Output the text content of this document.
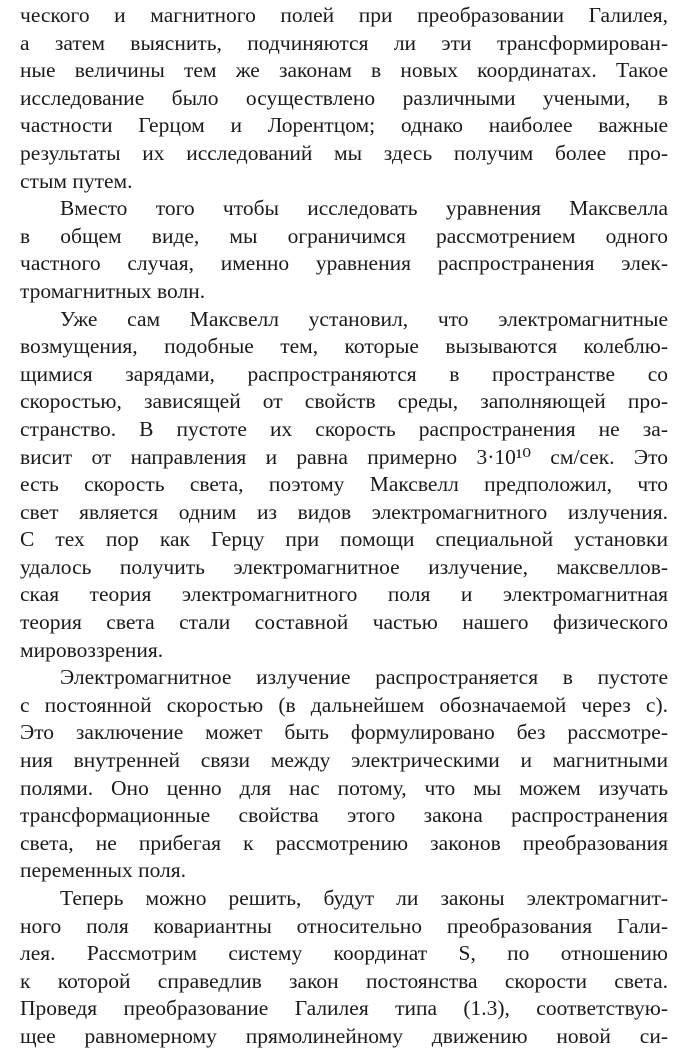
ческого и магнитного полей при преобразовании Галилея,
а затем выяснить, подчиняются ли эти трансформирован-
ные величины тем же законам в новых координатах. Такое
исследование было осуществлено различными учеными, в
частности Герцом и Лорентцом; однако наиболее важные
результаты их исследований мы здесь получим более про-
стым путем.
Вместо того чтобы исследовать уравнения Максвелла
в общем виде, мы ограничимся рассмотрением одного
частного случая, именно уравнения распространения элек-
тромагнитных волн.
Уже сам Максвелл установил, что электромагнитные
возмущения, подобные тем, которые вызываются колеблю-
щимися зарядами, распространяются в пространстве со
скоростью, зависящей от свойств среды, заполняющей про-
странство. В пустоте их скорость распространения не за-
висит от направления и равна примерно 3·10¹⁰ см/сек. Это
есть скорость света, поэтому Максвелл предположил, что
свет является одним из видов электромагнитного излучения.
С тех пор как Герцу при помощи специальной установки
удалось получить электромагнитное излучение, максвеллов-
ская теория электромагнитного поля и электромагнитная
теория света стали составной частью нашего физического
мировоззрения.
Электромагнитное излучение распространяется в пустоте
с постоянной скоростью (в дальнейшем обозначаемой через c).
Это заключение может быть формулировано без рассмотре-
ния внутренней связи между электрическими и магнитными
полями. Оно ценно для нас потому, что мы можем изучать
трансформационные свойства этого закона распространения
света, не прибегая к рассмотрению законов преобразования
переменных поля.
Теперь можно решить, будут ли законы электромагнит-
ного поля ковариантны относительно преобразования Гали-
лея. Рассмотрим систему координат S, по отношению
к которой справедлив закон постоянства скорости света.
Проведя преобразование Галилея типа (1.3), соответствую-
щее равномерному прямолинейному движению новой си-
